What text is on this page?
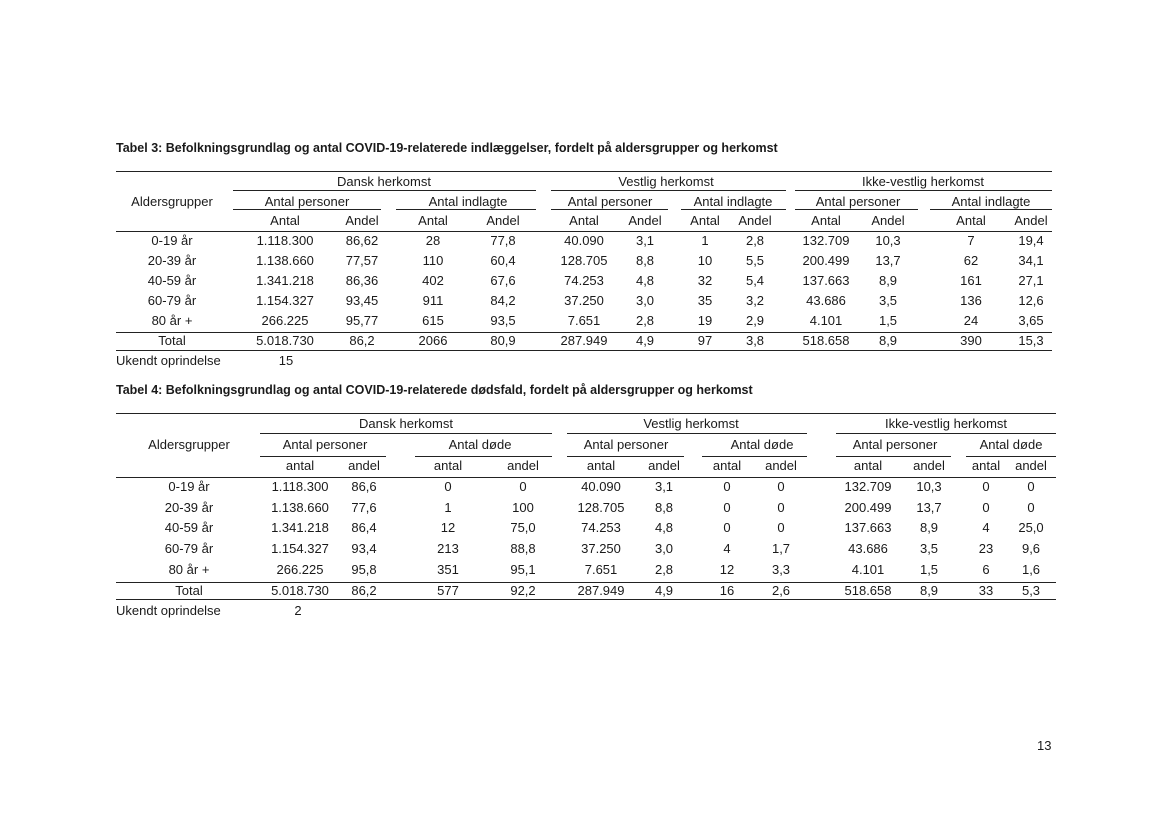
Tabel 3: Befolkningsgrundlag og antal COVID-19-relaterede indlæggelser, fordelt på aldersgrupper og herkomst
Aldersgrupper
Dansk herkomst	Vestlig herkomst	Ikke-vestlig herkomst
Antal personer	Antal indlagte	Antal personer	Antal indlagte	Antal personer	Antal indlagte
Antal	Andel	Antal	Andel	Antal Andel Antal Andel	Antal Andel	Antal Andel
0-19 år	1.118.300 86,62	28	77,8	40.090 3,1	1	2,8	132.709 10,3	7	19,4
20-39 år	1.138.660 77,57	110	60,4	128.705 8,8	10	5,5	200.499 13,7	62	34,1
40-59 år	1.341.218 86,36	402	67,6	74.253 4,8	32	5,4	137.663 8,9	161	27,1
60-79 år	1.154.327 93,45	911	84,2	37.250 3,0	35	3,2	43.686	3,5	136	12,6
80 år +	266.225	95,77	615	93,5	7.651	2,8	19	2,9	4.101	1,5	24	3,65
Total	5.018.730	86,2	2066	80,9	287.949 4,9	97	3,8	518.658 8,9	390	15,3
Ukendt oprindelse	15
Tabel 4: Befolkningsgrundlag og antal COVID-19-relaterede dødsfald, fordelt på aldersgrupper og herkomst
Aldersgrupper
Dansk herkomst	Vestlig herkomst	Ikke-vestlig herkomst
Antal personer	Antal døde	Antal personer	Antal døde	Antal personer	Antal døde
antal	andel	antal	andel	antal	andel	antal andel	antal andel antal andel
0-19 år	1.118.300 86,6	0	0	40.090	3,1	0	0	132.709 10,3	0	0
20-39 år	1.138.660 77,6	1	100	128.705 8,8	0	0	200.499 13,7	0	0
40-59 år	1.341.218 86,4	12	75,0	74.253	4,8	0	0	137.663 8,9	4 25,0
60-79 år	1.154.327 93,4	213	88,8	37.250	3,0	4	1,7	43.686 3,5	23 9,6
80 år +	266.225 95,8	351	95,1	7.651	2,8	12	3,3	4.101	1,5	6 1,6
Total	5.018.730 86,2	577	92,2	287.949 4,9	16	2,6	518.658 8,9	33 5,3
Ukendt oprindelse	2
13
